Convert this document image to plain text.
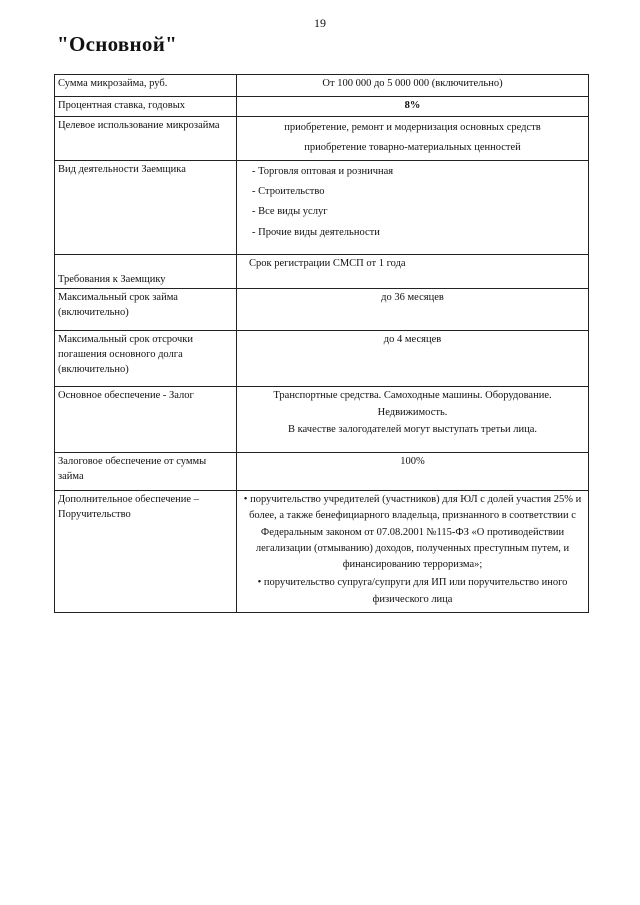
19
"Основной"
Сумма микрозайма, руб.	От 100 000 до 5 000 000 (включительно)

Процентная ставка, годовых	8%

Целевое использование микрозайма	приобретение, ремонт и модернизация основных средств
приобретение товарно-материальных ценностей

Вид деятельности Заемщика	- Торговля оптовая и розничная
- Строительство
- Все виды услуг
- Прочие виды деятельности

Требования к Заемщику	Срок регистрации СМСП от 1 года

Максимальный срок займа (включительно)	до 36 месяцев

Максимальный срок отсрочки погашения основного долга (включительно)	до 4 месяцев

Основное обеспечение - Залог	Транспортные средства. Самоходные машины. Оборудование.
Недвижимость.
В качестве залогодателей могут выступать третьи лица.

Залоговое обеспечение от суммы займа	100%

Дополнительное обеспечение – Поручительство	• поручительство учредителей (участников) для ЮЛ с долей участия 25% и более, а также бенефициарного владельца, признанного в соответствии с Федеральным законом от 07.08.2001 №115-ФЗ «О противодействии легализации (отмыванию) доходов, полученных преступным путем, и финансированию терроризма»;
• поручительство супруга/супруги для ИП или поручительство иного физического лица
